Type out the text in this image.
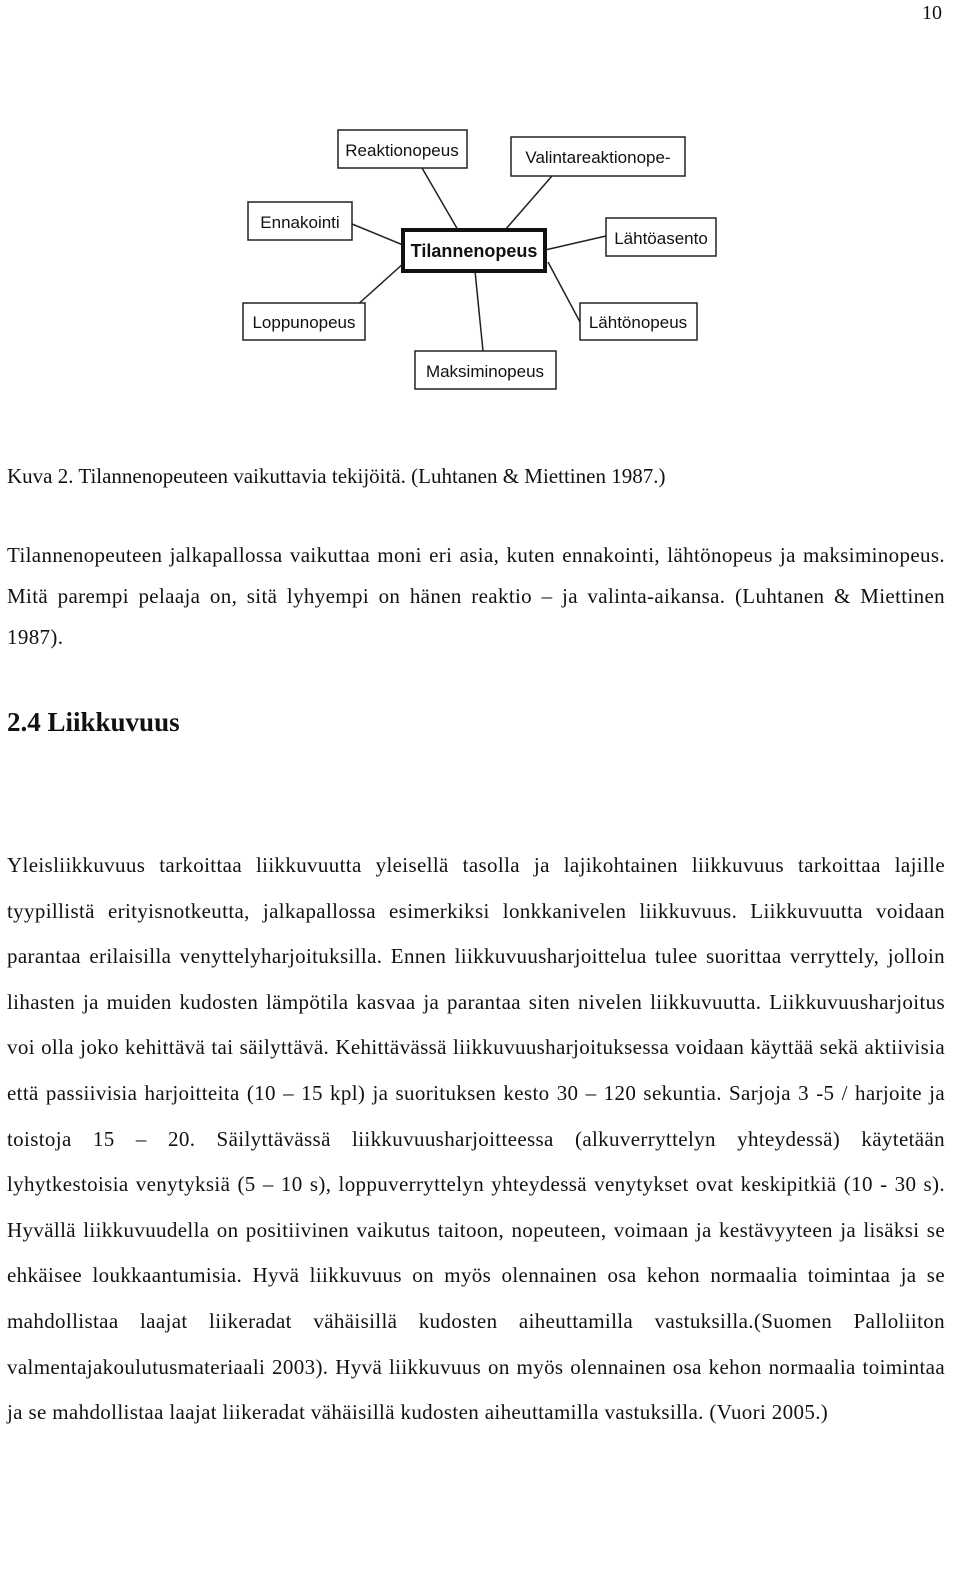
10
Reaktionopeus	Valintareaktionope-
Ennakointi
Tilannenopeus
Lähtöasento
Loppunopeus	Lähtönopeus
Maksiminopeus
Kuva 2. Tilannenopeuteen vaikuttavia tekijöitä. (Luhtanen & Miettinen 1987.)

Tilannenopeuteen jalkapallossa vaikuttaa moni eri asia, kuten ennakointi, lähtönopeus ja maksiminopeus. Mitä parempi pelaaja on, sitä lyhyempi on hänen reaktio – ja valinta-aikansa. (Luhtanen & Miettinen 1987).

2.4 Liikkuvuus

Yleisliikkuvuus tarkoittaa liikkuvuutta yleisellä tasolla ja lajikohtainen liikkuvuus tarkoittaa lajille tyypillistä erityisnotkeutta, jalkapallossa esimerkiksi lonkkanivelen liikkuvuus. Liikkuvuutta voidaan parantaa erilaisilla venyttelyharjoituksilla. Ennen liikkuvuusharjoittelua tulee suorittaa verryttely, jolloin lihasten ja muiden kudosten lämpötila kasvaa ja parantaa siten nivelen liikkuvuutta. Liikkuvuusharjoitus voi olla joko kehittävä tai säilyttävä. Kehittävässä liikkuvuusharjoituksessa voidaan käyttää sekä aktiivisia että passiivisia harjoitteita (10 – 15 kpl) ja suorituksen kesto 30 – 120 sekuntia. Sarjoja 3 -5 / harjoite ja toistoja 15 – 20. Säilyttävässä liikkuvuusharjoitteessa (alkuverryttelyn yhteydessä) käytetään lyhytkestoisia venytyksiä (5 – 10 s), loppuverryttelyn yhteydessä venytykset ovat keskipitkiä (10 - 30 s). Hyvällä liikkuvuudella on positiivinen vaikutus taitoon, nopeuteen, voimaan ja kestävyyteen ja lisäksi se ehkäisee loukkaantumisia. Hyvä liikkuvuus on myös olennainen osa kehon normaalia toimintaa ja se mahdollistaa laajat liikeradat vähäisillä kudosten aiheuttamilla vastuksilla.(Suomen Palloliiton valmentajakoulutusmateriaali 2003). Hyvä liikkuvuus on myös olennainen osa kehon normaalia toimintaa ja se mahdollistaa laajat liikeradat vähäisillä kudosten aiheuttamilla vastuksilla. (Vuori 2005.)
